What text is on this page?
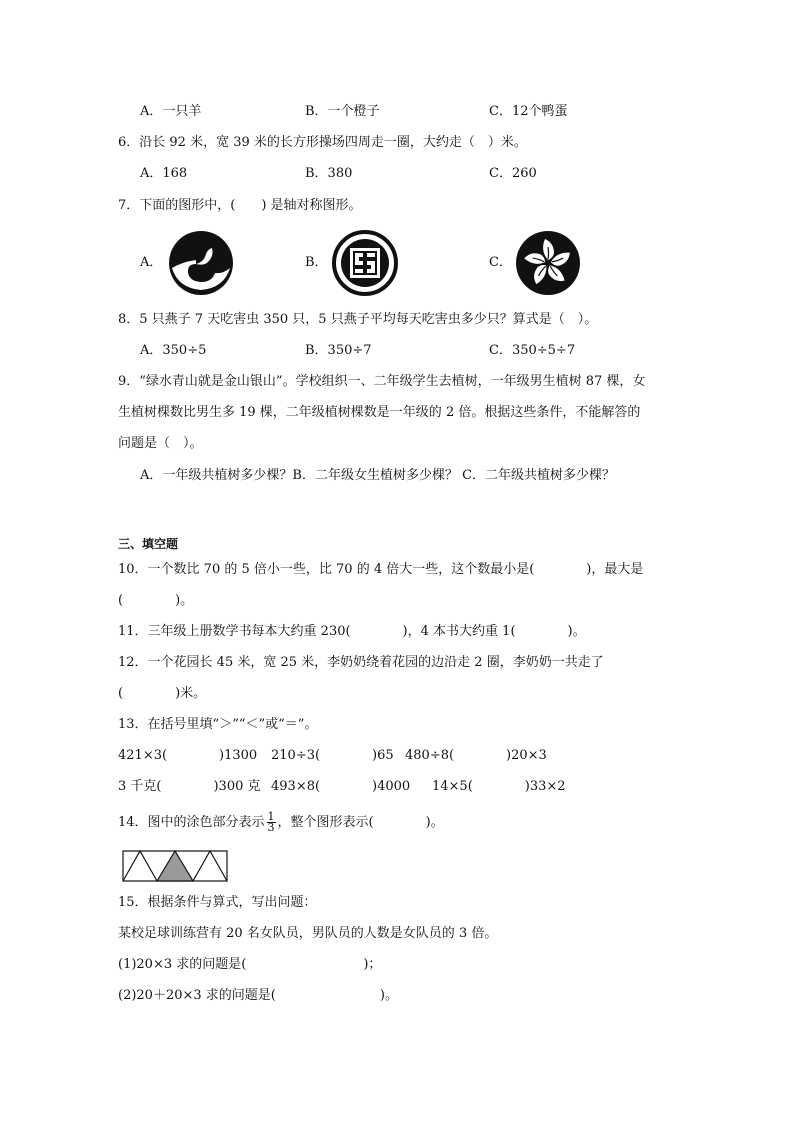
A．一只羊	B．一个橙子	C．12个鸭蛋
6．沿长 92 米，宽 39 米的长方形操场四周走一圈，大约走（　）米。
A．168	B．380	C．260
7．下面的图形中，(　　) 是轴对称图形。
A．	B．	C．
8．5 只燕子 7 天吃害虫 350 只，5 只燕子平均每天吃害虫多少只？算式是（　）。
A．350÷5	B．350÷7	C．350÷5÷7
9．“绿水青山就是金山银山”。学校组织一、二年级学生去植树，一年级男生植树 87 棵，女
生植树棵数比男生多 19 棵，二年级植树棵数是一年级的 2 倍。根据这些条件，不能解答的
问题是（　）。
A．一年级共植树多少棵？B．二年级女生植树多少棵？ C．二年级共植树多少棵？
三、填空题
10．一个数比 70 的 5 倍小一些，比 70 的 4 倍大一些，这个数最小是(　　　　)，最大是
(　　　　)。
11．三年级上册数学书每本大约重 230(　　　　)，4 本书大约重 1(　　　　)。
12．一个花园长 45 米，宽 25 米，李奶奶绕着花园的边沿走 2 圈，李奶奶一共走了
(　　　　)米。
13．在括号里填“＞”“＜”或“＝”。
421×3(　　　　)1300 210÷3(　　　　)65 480÷8(　　　　)20×3
3 千克(　　　　)300 克 493×8(　　　　)4000 14×5(　　　　)33×2
14．图中的涂色部分表示 $\frac{1}{3}$ ，整个图形表示(　　　　)。
15．根据条件与算式，写出问题：
某校足球训练营有 20 名女队员，男队员的人数是女队员的 3 倍。
(1)20×3 求的问题是(　　　　　　　　　)；
(2)20＋20×3 求的问题是(　　　　　　　　)。
